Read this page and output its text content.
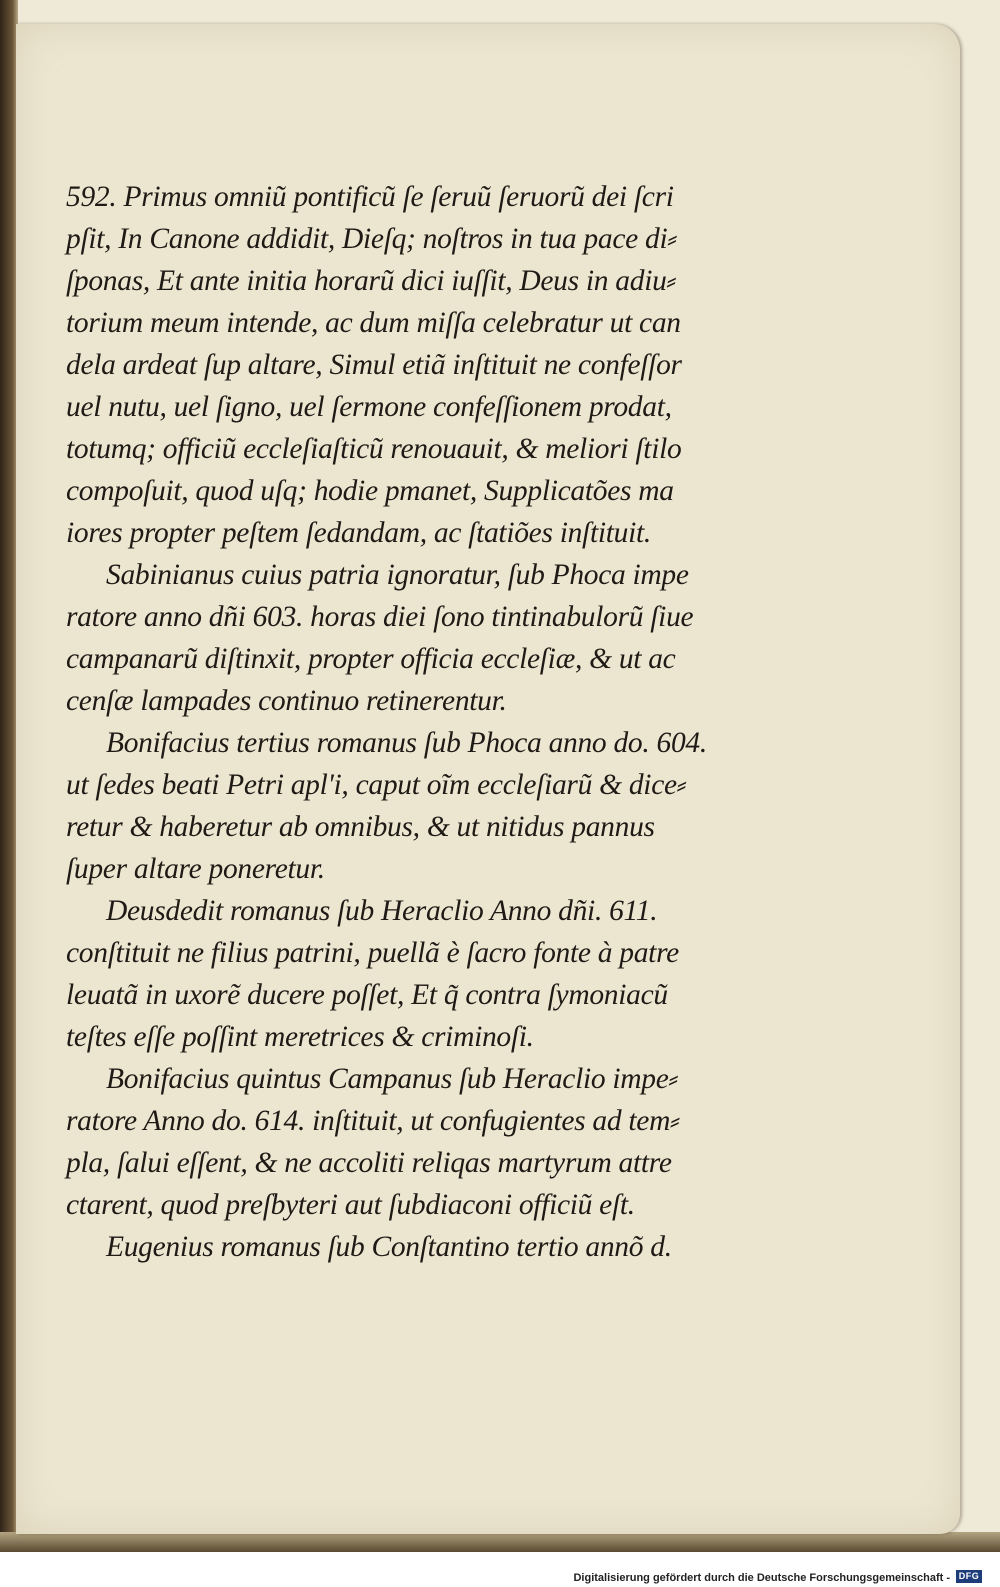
592. Primus omniũ pontificũ ſe ſeruũ ſeruorũ dei ſcri
pſit, In Canone addidit, Dieſq; noſtros in tua pace di⸗
ſponas, Et ante initia horarũ dici iuſſit, Deus in adiu⸗
torium meum intende, ac dum miſſa celebratur ut can
dela ardeat ſup altare, Simul etiã inſtituit ne confeſſor
uel nutu, uel ſigno, uel ſermone confeſſionem prodat,
totumq; officiũ eccleſiaſticũ renouauit, & meliori ſtilo
compoſuit, quod uſq; hodie pmanet, Supplicatões ma
iores propter peſtem ſedandam, ac ſtatiões inſtituit.
Sabinianus cuius patria ignoratur, ſub Phoca impe
ratore anno dñi 603. horas diei ſono tintinabulorũ ſiue
campanarũ diſtinxit, propter officia eccleſiæ, & ut ac
cenſæ lampades continuo retinerentur.
Bonifacius tertius romanus ſub Phoca anno do. 604.
ut ſedes beati Petri apl'i, caput oĩm eccleſiarũ & dice⸗
retur & haberetur ab omnibus, & ut nitidus pannus
ſuper altare poneretur.
Deusdedit romanus ſub Heraclio Anno dñi. 611.
conſtituit ne filius patrini, puellã è ſacro fonte à patre
leuatã in uxorẽ ducere poſſet, Et q̃ contra ſymoniacũ
teſtes eſſe poſſint meretrices & criminoſi.
Bonifacius quintus Campanus ſub Heraclio impe⸗
ratore Anno do. 614. inſtituit, ut confugientes ad tem⸗
pla, ſalui eſſent, & ne accoliti reliqas martyrum attre
ctarent, quod preſbyteri aut ſubdiaconi officiũ eſt.
Eugenius romanus ſub Conſtantino tertio annõ d.
Digitalisierung gefördert durch die Deutsche Forschungsgemeinschaft - DFG
